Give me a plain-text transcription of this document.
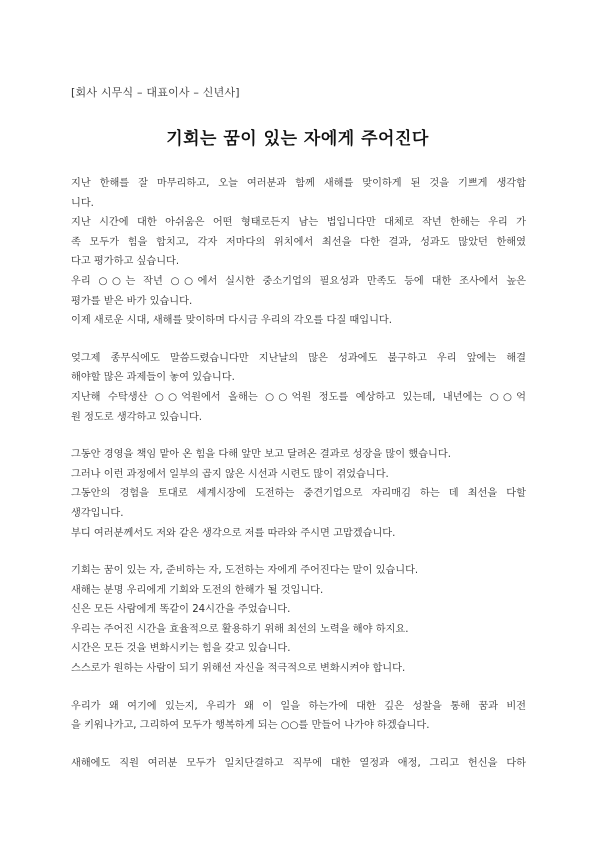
[회사 시무식 – 대표이사 – 신년사]
기회는 꿈이 있는 자에게 주어진다
지난 한해를 잘 마무리하고, 오늘 여러분과 함께 새해를 맞이하게 된 것을 기쁘게 생각합
니다.
지난 시간에 대한 아쉬움은 어떤 형태로든지 남는 법입니다만 대체로 작년 한해는 우리 가
족 모두가 힘을 합치고, 각자 저마다의 위치에서 최선을 다한 결과, 성과도 많았던 한해였
다고 평가하고 싶습니다.
우리 ○○는 작년 ○○에서 실시한 중소기업의 필요성과 만족도 등에 대한 조사에서 높은
평가를 받은 바가 있습니다.
이제 새로운 시대, 새해를 맞이하며 다시금 우리의 각오를 다질 때입니다.
엊그제 종무식에도 말씀드렸습니다만 지난날의 많은 성과에도 불구하고 우리 앞에는 해결
해야할 많은 과제들이 놓여 있습니다.
지난해 수탁생산 ○○억원에서 올해는 ○○억원 정도를 예상하고 있는데, 내년에는 ○○억
원 정도로 생각하고 있습니다.
그동안 경영을 책임 맡아 온 힘을 다해 앞만 보고 달려온 결과로 성장을 많이 했습니다.
그러나 이런 과정에서 일부의 곱지 않은 시선과 시련도 많이 겪었습니다.
그동안의 경험을 토대로 세계시장에 도전하는 중견기업으로 자리매김 하는 데 최선을 다할
생각입니다.
부디 여러분께서도 저와 같은 생각으로 저를 따라와 주시면 고맙겠습니다.
기회는 꿈이 있는 자, 준비하는 자, 도전하는 자에게 주어진다는 말이 있습니다.
새해는 분명 우리에게 기회와 도전의 한해가 될 것입니다.
신은 모든 사람에게 똑같이 24시간을 주었습니다.
우리는 주어진 시간을 효율적으로 활용하기 위해 최선의 노력을 해야 하지요.
시간은 모든 것을 변화시키는 힘을 갖고 있습니다.
스스로가 원하는 사람이 되기 위해선 자신을 적극적으로 변화시켜야 합니다.
우리가 왜 여기에 있는지, 우리가 왜 이 일을 하는가에 대한 깊은 성찰을 통해 꿈과 비전
을 키워나가고, 그리하여 모두가 행복하게 되는 ○○를 만들어 나가야 하겠습니다.
새해에도 직원 여러분 모두가 일치단결하고 직무에 대한 열정과 애정, 그리고 헌신을 다하
